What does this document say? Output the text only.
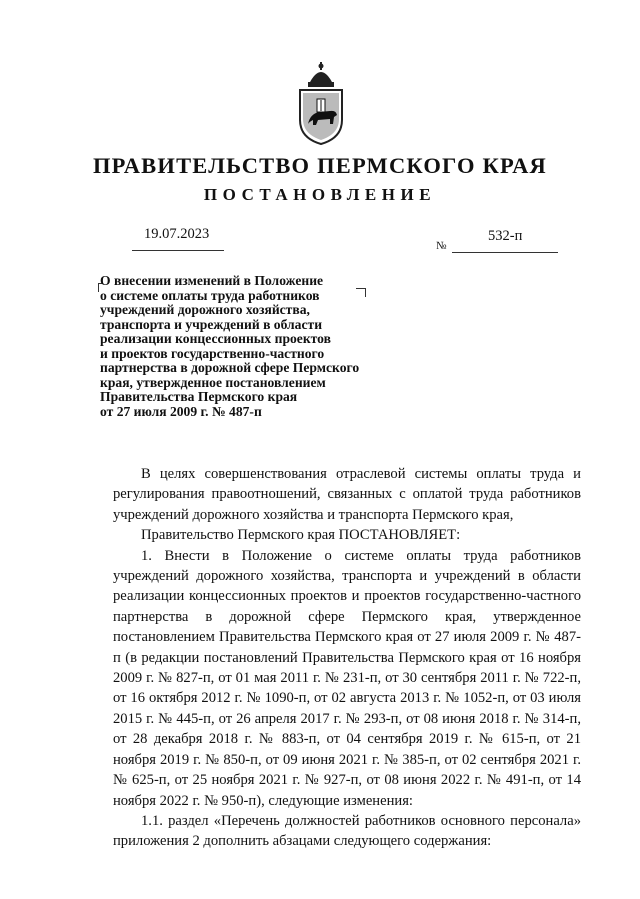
ПРАВИТЕЛЬСТВО ПЕРМСКОГО КРАЯ
ПОСТАНОВЛЕНИЕ
19.07.2023
№
532-п
О внесении изменений в Положение
о системе оплаты труда работников
учреждений дорожного хозяйства,
транспорта и учреждений в области
реализации концессионных проектов
и проектов государственно-частного
партнерства в дорожной сфере Пермского
края, утвержденное постановлением
Правительства Пермского края
от 27 июля 2009 г. № 487-п

В целях совершенствования отраслевой системы оплаты труда и регулирования правоотношений, связанных с оплатой труда работников учреждений дорожного хозяйства и транспорта Пермского края,

Правительство Пермского края ПОСТАНОВЛЯЕТ:

1. Внести в Положение о системе оплаты труда работников учреждений дорожного хозяйства, транспорта и учреждений в области реализации концессионных проектов и проектов государственно-частного партнерства в дорожной сфере Пермского края, утвержденное постановлением Правительства Пермского края от 27 июля 2009 г. № 487-п (в редакции постановлений Правительства Пермского края от 16 ноября 2009 г. № 827-п, от 01 мая 2011 г. № 231-п, от 30 сентября 2011 г. № 722-п, от 16 октября 2012 г. № 1090-п, от 02 августа 2013 г. № 1052-п, от 03 июля 2015 г. № 445-п, от 26 апреля 2017 г. № 293-п, от 08 июня 2018 г. № 314-п, от 28 декабря 2018 г. № 883-п, от 04 сентября 2019 г. № 615-п, от 21 ноября 2019 г. № 850-п, от 09 июня 2021 г. № 385-п, от 02 сентября 2021 г. № 625-п, от 25 ноября 2021 г. № 927-п, от 08 июня 2022 г. № 491-п, от 14 ноября 2022 г. № 950-п), следующие изменения:

1.1. раздел «Перечень должностей работников основного персонала» приложения 2 дополнить абзацами следующего содержания:
